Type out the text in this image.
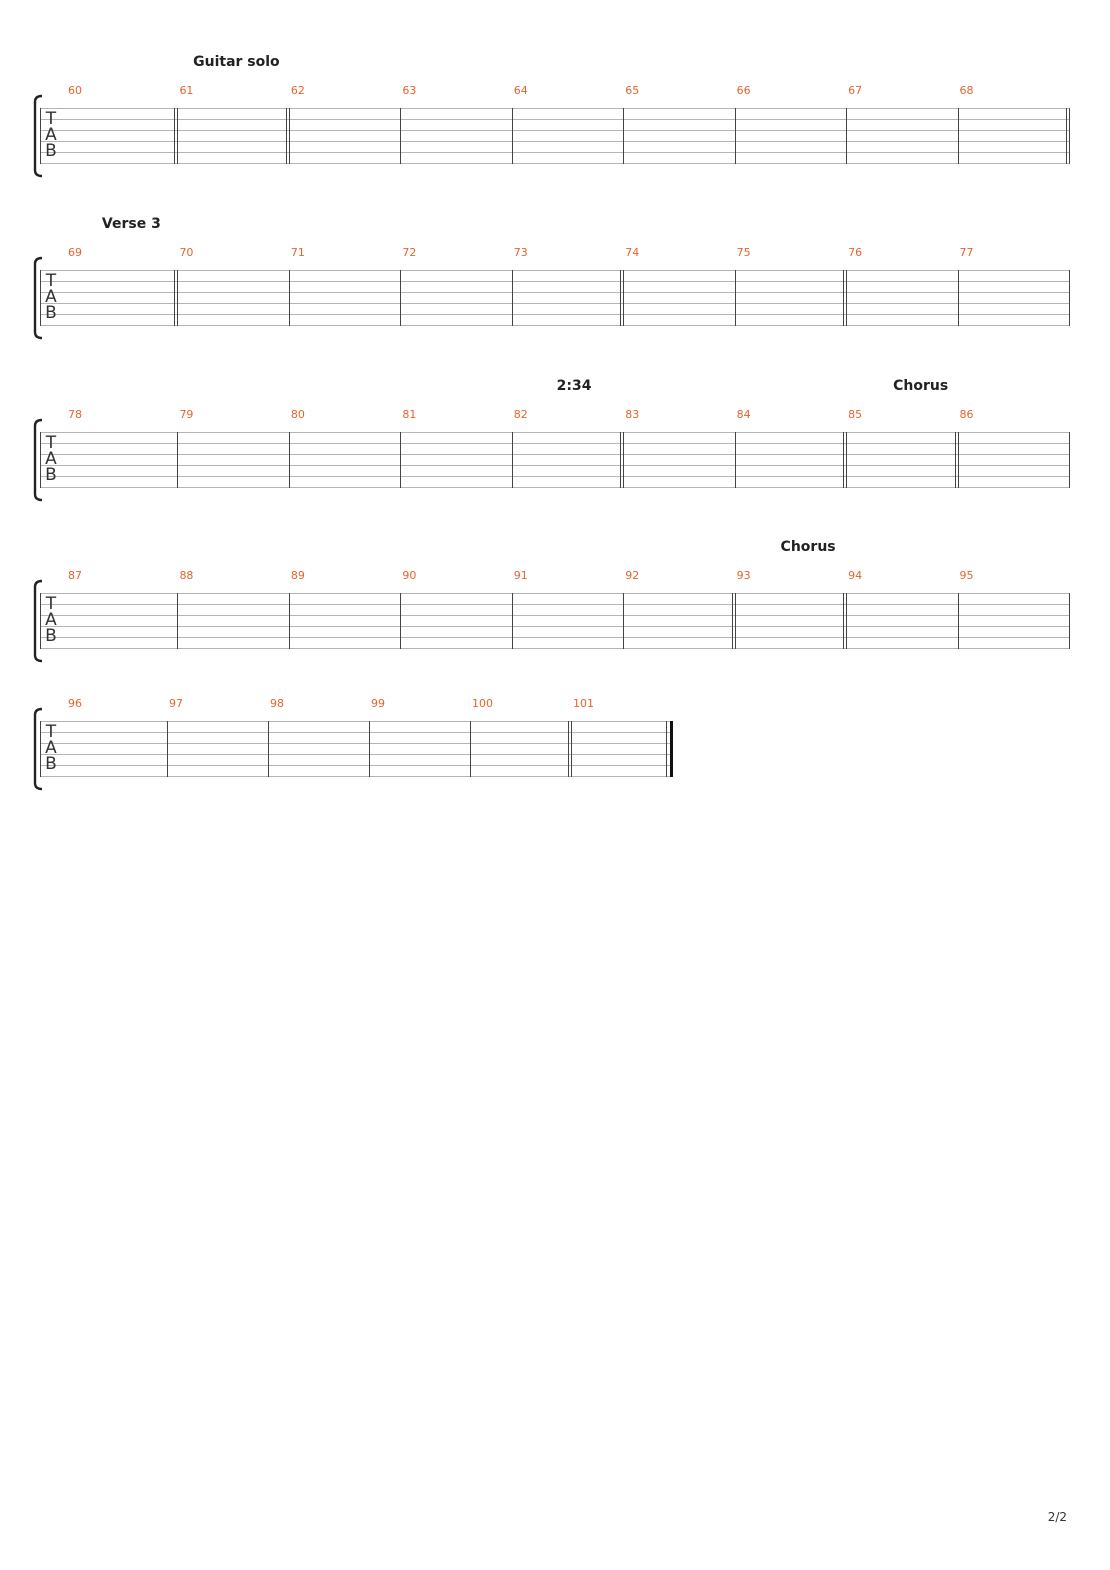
T
A
B
60	61	62	63	64	65	66	67	68
Guitar solo
T
A
B
69	70	71	72	73	74	75	76	77
Verse 3
T
A
B
78	79	80	81	82	83	84	85	86
2:34	Chorus
T
A
B
87	88	89	90	91	92	93	94	95
Chorus
T
A
B
96	97	98	99	100	101
2/2
